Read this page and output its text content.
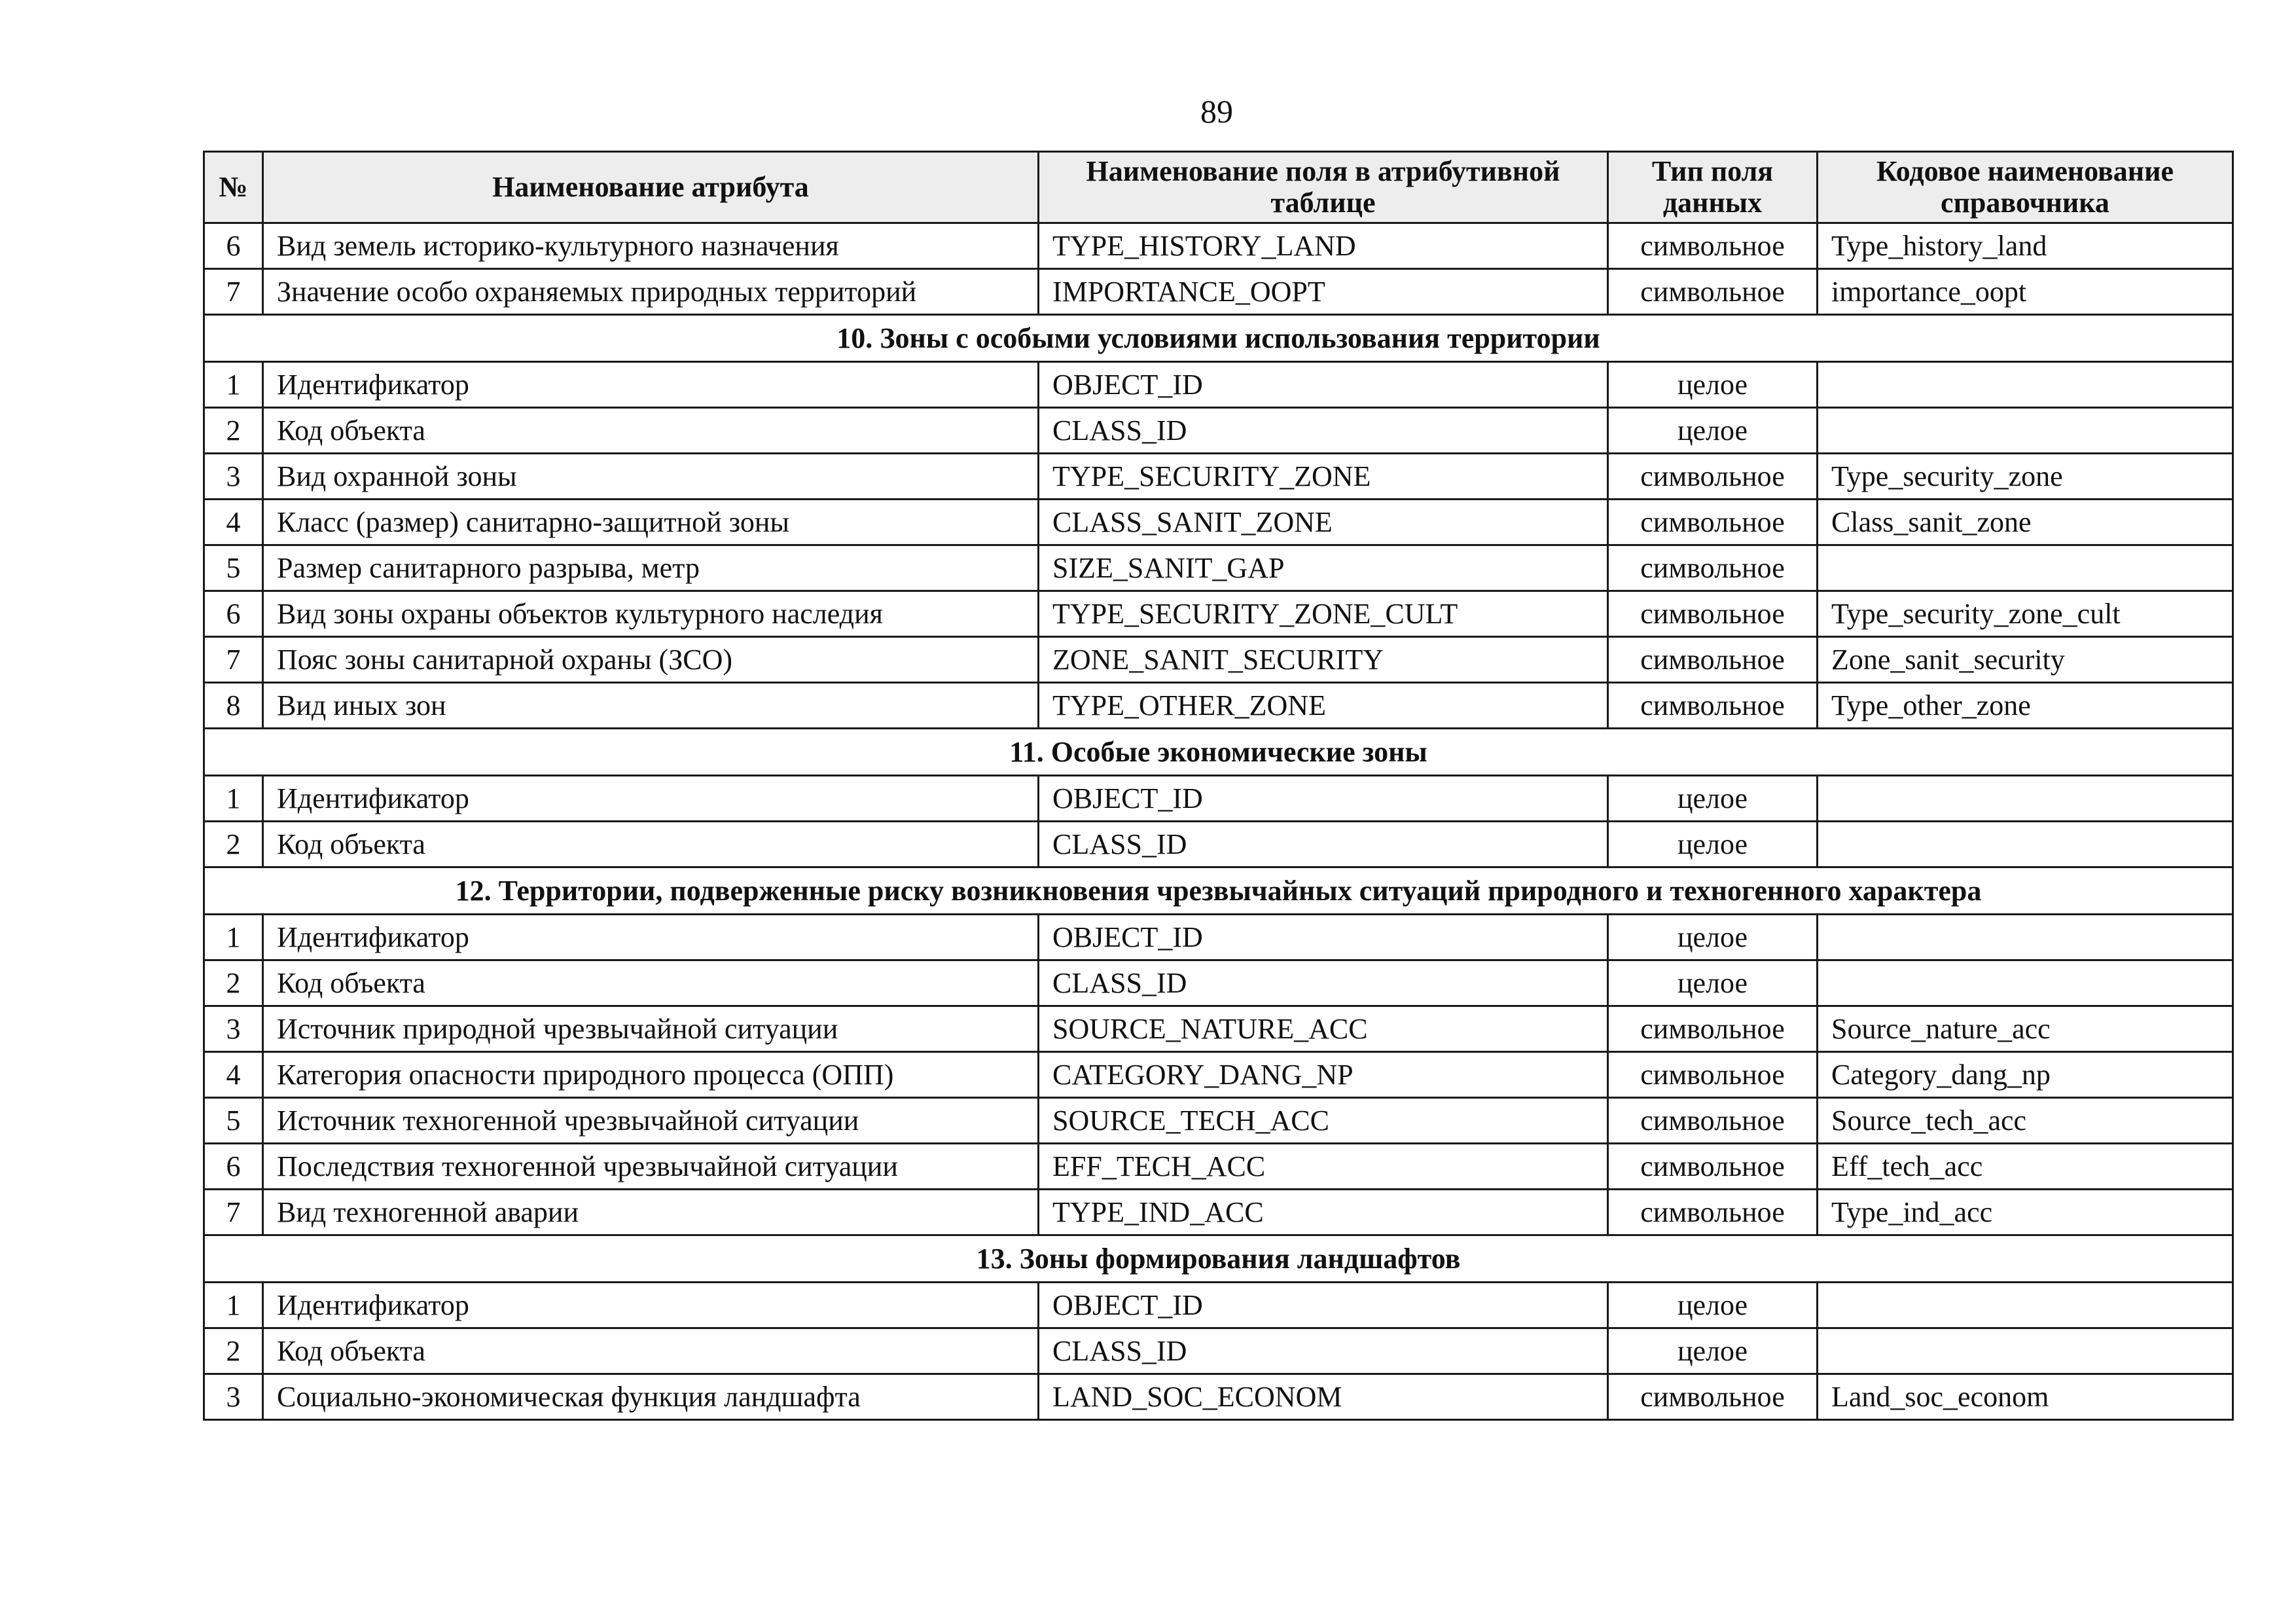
89
№	Наименование атрибута	Наименование поля в атрибутивной таблице	Тип поля данных	Кодовое наименование справочника
6	Вид земель историко-культурного назначения	TYPE_HISTORY_LAND	символьное	Type_history_land
7	Значение особо охраняемых природных территорий	IMPORTANCE_OOPT	символьное	importance_oopt
10. Зоны с особыми условиями использования территории				
1	Идентификатор	OBJECT_ID	целое	
2	Код объекта	CLASS_ID	целое	
3	Вид охранной зоны	TYPE_SECURITY_ZONE	символьное	Type_security_zone
4	Класс (размер) санитарно-защитной зоны	CLASS_SANIT_ZONE	символьное	Class_sanit_zone
5	Размер санитарного разрыва, метр	SIZE_SANIT_GAP	символьное	
6	Вид зоны охраны объектов культурного наследия	TYPE_SECURITY_ZONE_CULT	символьное	Type_security_zone_cult
7	Пояс зоны санитарной охраны (ЗСО)	ZONE_SANIT_SECURITY	символьное	Zone_sanit_security
8	Вид иных зон	TYPE_OTHER_ZONE	символьное	Type_other_zone
11. Особые экономические зоны				
1	Идентификатор	OBJECT_ID	целое	
2	Код объекта	CLASS_ID	целое	
12. Территории, подверженные риску возникновения чрезвычайных ситуаций природного и техногенного характера				
1	Идентификатор	OBJECT_ID	целое	
2	Код объекта	CLASS_ID	целое	
3	Источник природной чрезвычайной ситуации	SOURCE_NATURE_ACC	символьное	Source_nature_acc
4	Категория опасности природного процесса (ОПП)	CATEGORY_DANG_NP	символьное	Category_dang_np
5	Источник техногенной чрезвычайной ситуации	SOURCE_TECH_ACC	символьное	Source_tech_acc
6	Последствия техногенной чрезвычайной ситуации	EFF_TECH_ACC	символьное	Eff_tech_acc
7	Вид техногенной аварии	TYPE_IND_ACC	символьное	Type_ind_acc
13. Зоны формирования ландшафтов				
1	Идентификатор	OBJECT_ID	целое	
2	Код объекта	CLASS_ID	целое	
3	Социально-экономическая функция ландшафта	LAND_SOC_ECONOM	символьное	Land_soc_econom
